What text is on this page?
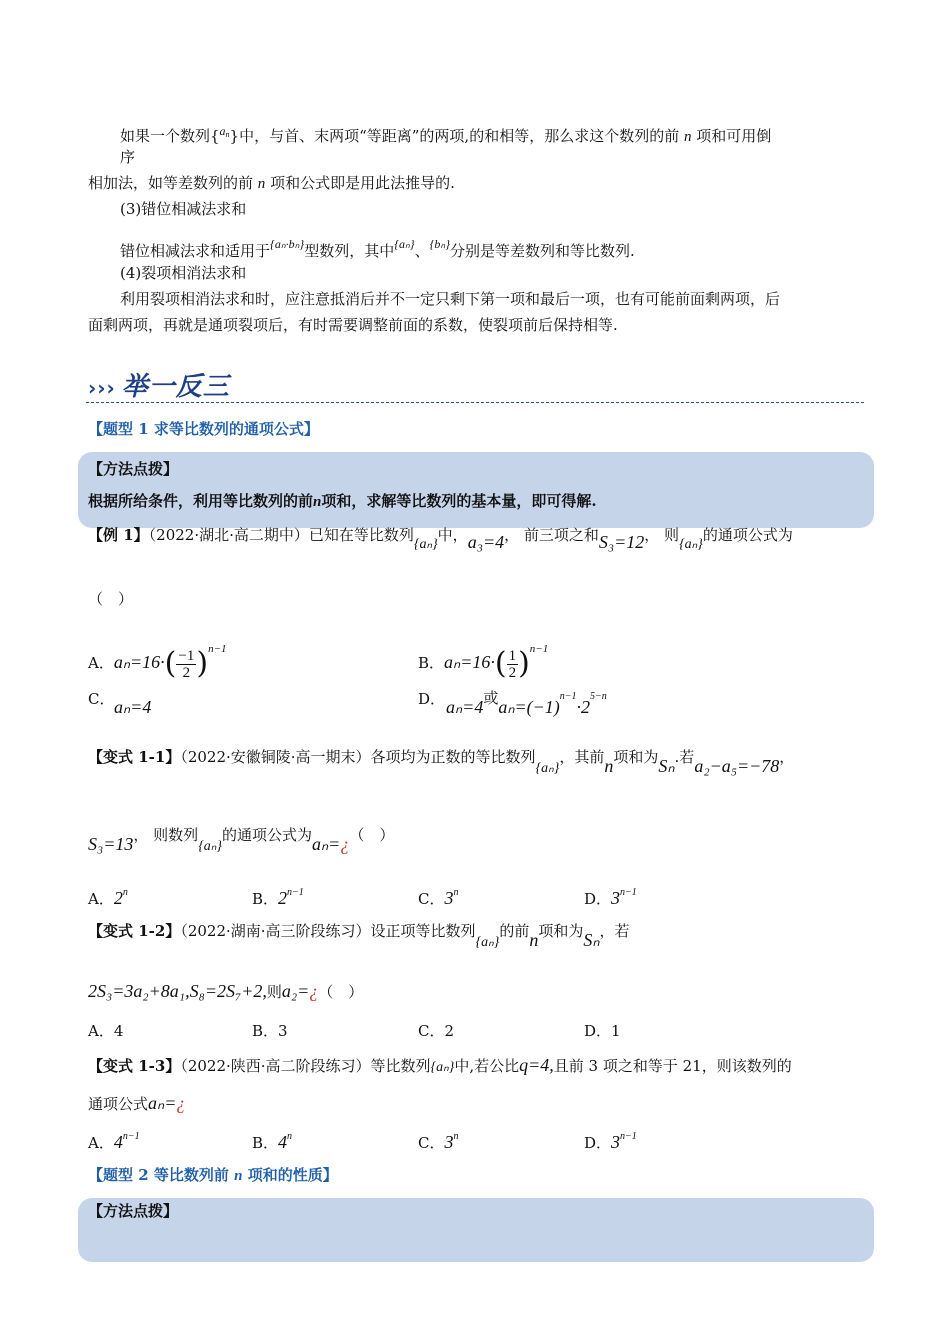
如果一个数列{$^{an}$}中，与首、末两项“等距离”的两项,的和相等，那么求这个数列的前 n 项和可用倒
序
相加法，如等差数列的前 n 项和公式即是用此法推导的.
(3)错位相减法求和
错位相减法求和适用于$^{\{a_n\cdot b_n\}}$型数列，其中$^{\{a_n\}}$、$^{\{b_n\}}$分别是等差数列和等比数列.
(4)裂项相消法求和
利用裂项相消法求和时，应注意抵消后并不一定只剩下第一项和最后一项，也有可能前面剩两项，后
面剩两项，再就是通项裂项后，有时需要调整前面的系数，使裂项前后保持相等.
››› 举一反三
【题型 1 求等比数列的通项公式】
【方法点拨】
根据所给条件，利用等比数列的前n项和，求解等比数列的基本量，即可得解.
【例 1】（2022·湖北·高二期中）已知在等比数列{aₙ}中，a₃=4， 前三项之和S₃=12， 则{aₙ}的通项公式为
（　）
A．$a_n=16\cdot( \frac{-1}{2} )^{n-1}$
B．$a_n=16\cdot( \frac{1}{2} )^{n-1}$
C． aₙ=4	D． aₙ=4或$a_n=(-1)^{n-1}\cdot 2^{5-n}$
【变式 1-1】（2022·安徽铜陵·高一期末）各项均为正数的等比数列{aₙ}，其前n项和为Sₙ.若a₂−a₅=−78，
S₃=13， 则数列{aₙ}的通项公式为aₙ=¿（　）
A．2$^n$	B．$2^{n-1}$	C．3$^n$	D．$3^{n-1}$
【变式 1-2】（2022·湖南·高三阶段练习）设正项等比数列{aₙ}的前n项和为Sₙ，若
2S₃=3a₂+8a₁,S₈=2S₇+2,则a₂=¿（　）
A．4	B．3	C．2	D．1
【变式 1-3】（2022·陕西·高二阶段练习）等比数列{aₙ}中,若公比q=4,且前 3 项之和等于 21，则该数列的
通项公式aₙ=¿
A．$4^{n-1}$	B．4$^n$	C．3$^n$	D．$3^{n-1}$
【题型 2 等比数列前 n 项和的性质】
【方法点拨】
